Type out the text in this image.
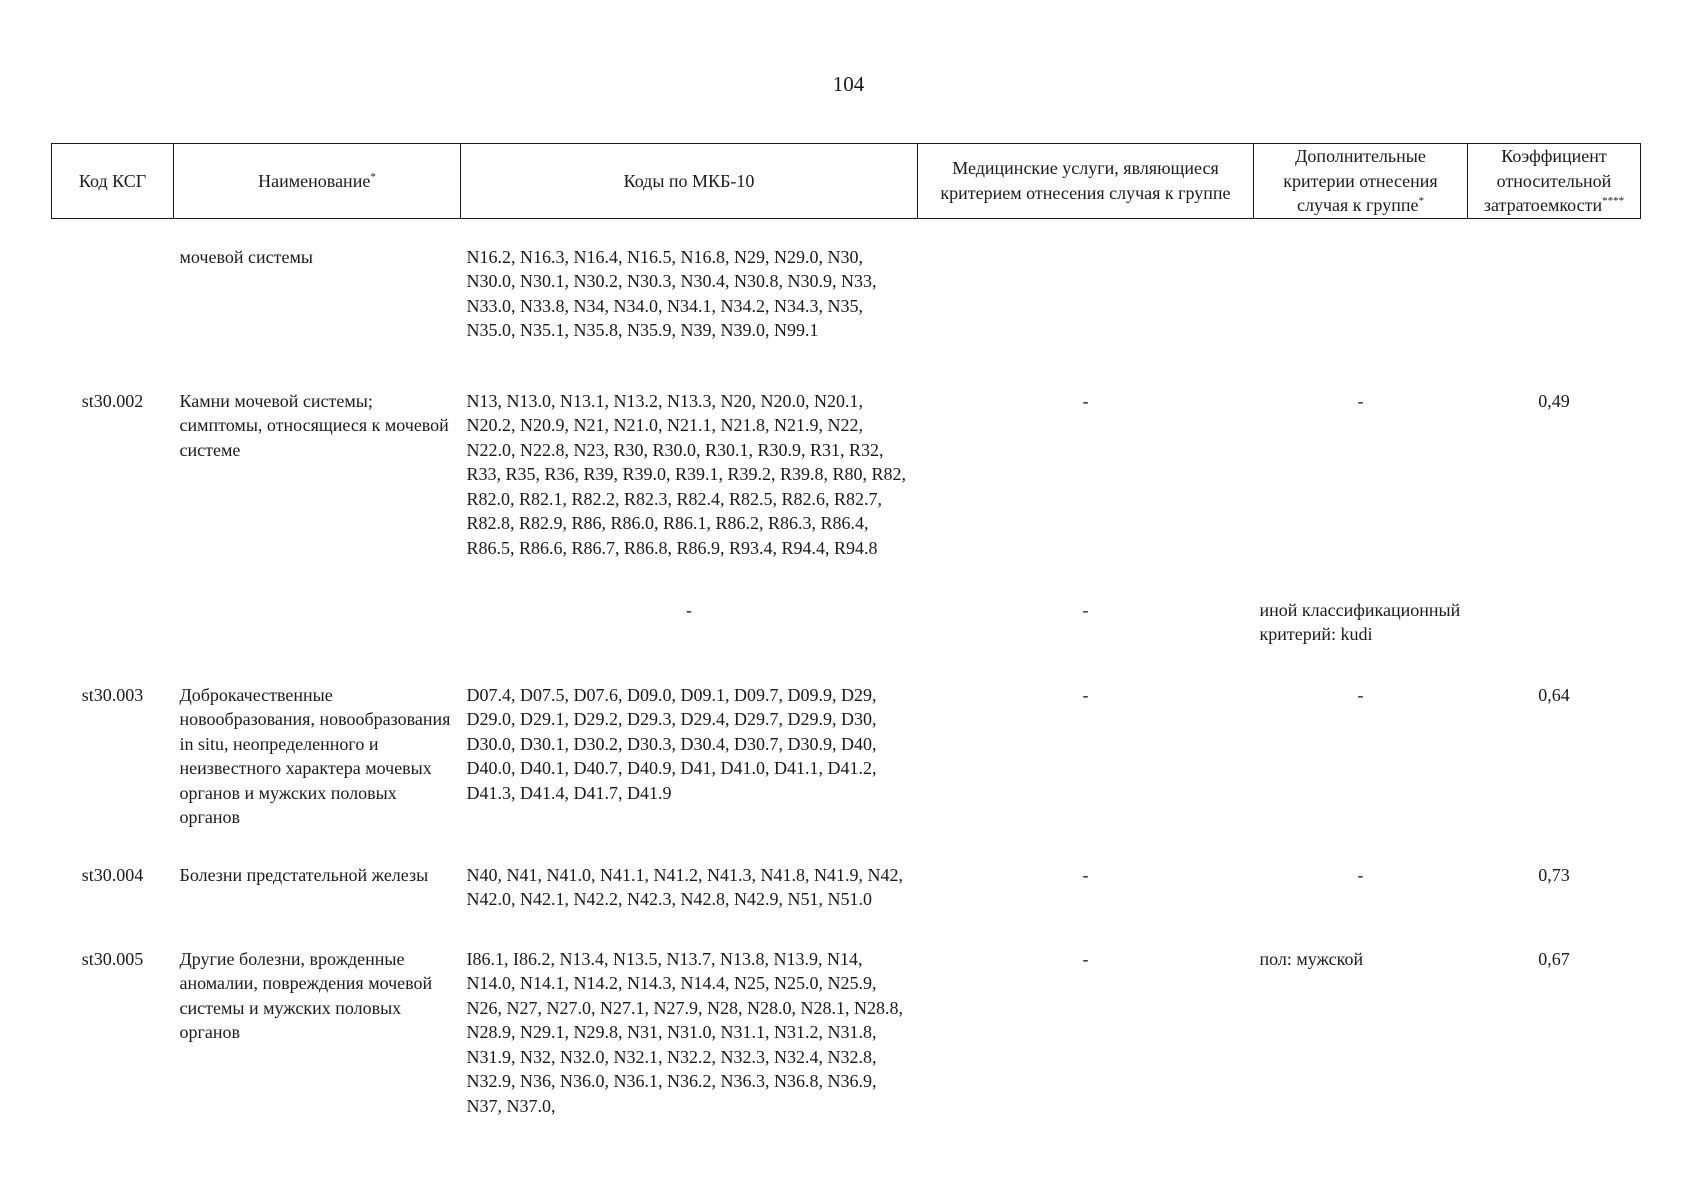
104
Код КСГ	Наименование*	Коды по МКБ-10	Медицинские услуги, являющиеся критерием отнесения случая к группе	Дополнительные критерии отнесения случая к группе*	Коэффициент относительной затратоемкости****
	мочевой системы	N16.2, N16.3, N16.4, N16.5, N16.8, N29, N29.0, N30, N30.0, N30.1, N30.2, N30.3, N30.4, N30.8, N30.9, N33, N33.0, N33.8, N34, N34.0, N34.1, N34.2, N34.3, N35, N35.0, N35.1, N35.8, N35.9, N39, N39.0, N99.1			
st30.002	Камни мочевой системы; симптомы, относящиеся к мочевой системе	N13, N13.0, N13.1, N13.2, N13.3, N20, N20.0, N20.1, N20.2, N20.9, N21, N21.0, N21.1, N21.8, N21.9, N22, N22.0, N22.8, N23, R30, R30.0, R30.1, R30.9, R31, R32, R33, R35, R36, R39, R39.0, R39.1, R39.2, R39.8, R80, R82, R82.0, R82.1, R82.2, R82.3, R82.4, R82.5, R82.6, R82.7, R82.8, R82.9, R86, R86.0, R86.1, R86.2, R86.3, R86.4, R86.5, R86.6, R86.7, R86.8, R86.9, R93.4, R94.4, R94.8	-	-	0,49
		-	-	иной классификационный критерий: kudi	
st30.003	Доброкачественные новообразования, новообразования in situ, неопределенного и неизвестного характера мочевых органов и мужских половых органов	D07.4, D07.5, D07.6, D09.0, D09.1, D09.7, D09.9, D29, D29.0, D29.1, D29.2, D29.3, D29.4, D29.7, D29.9, D30, D30.0, D30.1, D30.2, D30.3, D30.4, D30.7, D30.9, D40, D40.0, D40.1, D40.7, D40.9, D41, D41.0, D41.1, D41.2, D41.3, D41.4, D41.7, D41.9	-	-	0,64
st30.004	Болезни предстательной железы	N40, N41, N41.0, N41.1, N41.2, N41.3, N41.8, N41.9, N42, N42.0, N42.1, N42.2, N42.3, N42.8, N42.9, N51, N51.0	-	-	0,73
st30.005	Другие болезни, врожденные аномалии, повреждения мочевой системы и мужских половых органов	I86.1, I86.2, N13.4, N13.5, N13.7, N13.8, N13.9, N14, N14.0, N14.1, N14.2, N14.3, N14.4, N25, N25.0, N25.9, N26, N27, N27.0, N27.1, N27.9, N28, N28.0, N28.1, N28.8, N28.9, N29.1, N29.8, N31, N31.0, N31.1, N31.2, N31.8, N31.9, N32, N32.0, N32.1, N32.2, N32.3, N32.4, N32.8, N32.9, N36, N36.0, N36.1, N36.2, N36.3, N36.8, N36.9, N37, N37.0,	-	пол: мужской	0,67
